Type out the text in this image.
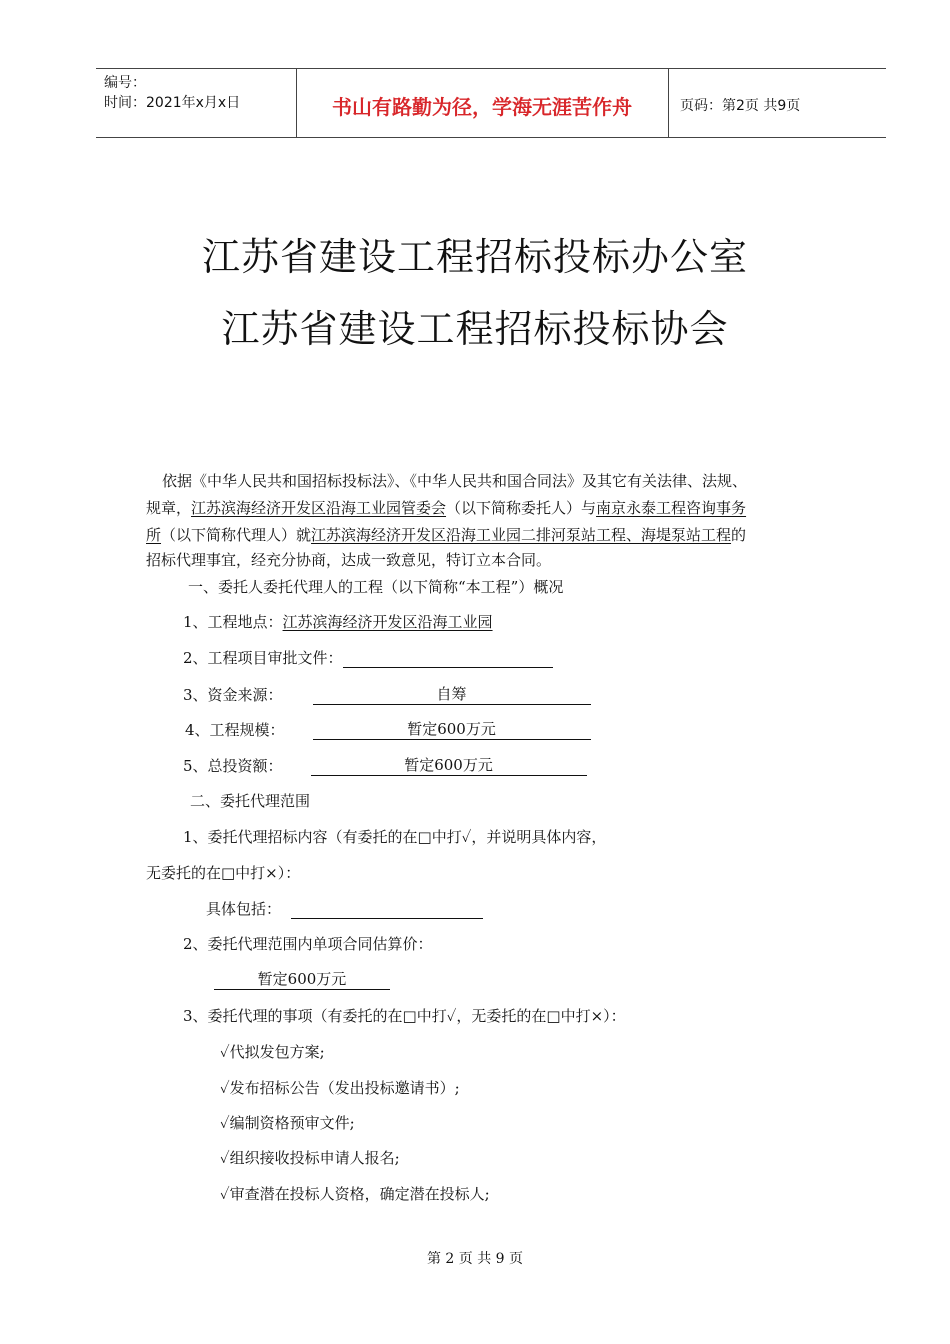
编号：
时间：2021年x月x日	书山有路勤为径，学海无涯苦作舟	页码：第2页 共9页
江苏省建设工程招标投标办公室
江苏省建设工程招标投标协会
依据《中华人民共和国招标投标法》、《中华人民共和国合同法》及其它有关法律、法规、
规章，江苏滨海经济开发区沿海工业园管委会（以下简称委托人）与南京永泰工程咨询事务
所（以下简称代理人）就江苏滨海经济开发区沿海工业园二排河泵站工程、海堤泵站工程的
招标代理事宜，经充分协商，达成一致意见，特订立本合同。
一、委托人委托代理人的工程（以下简称“本工程”）概况
1、工程地点：江苏滨海经济开发区沿海工业园
2、工程项目审批文件：
3、资金来源：	自筹
4、工程规模：	暂定600万元
5、总投资额：	暂定600万元
二、委托代理范围
1、委托代理招标内容（有委托的在□中打✓，并说明具体内容，
无委托的在□中打×）：
具体包括：
2、委托代理范围内单项合同估算价：
暂定600万元
3、委托代理的事项（有委托的在□中打✓，无委托的在□中打×）：
✓代拟发包方案;
✓发布招标公告（发出投标邀请书）;
✓编制资格预审文件;
✓组织接收投标申请人报名;
✓审查潜在投标人资格，确定潜在投标人;
第 2 页 共 9 页
